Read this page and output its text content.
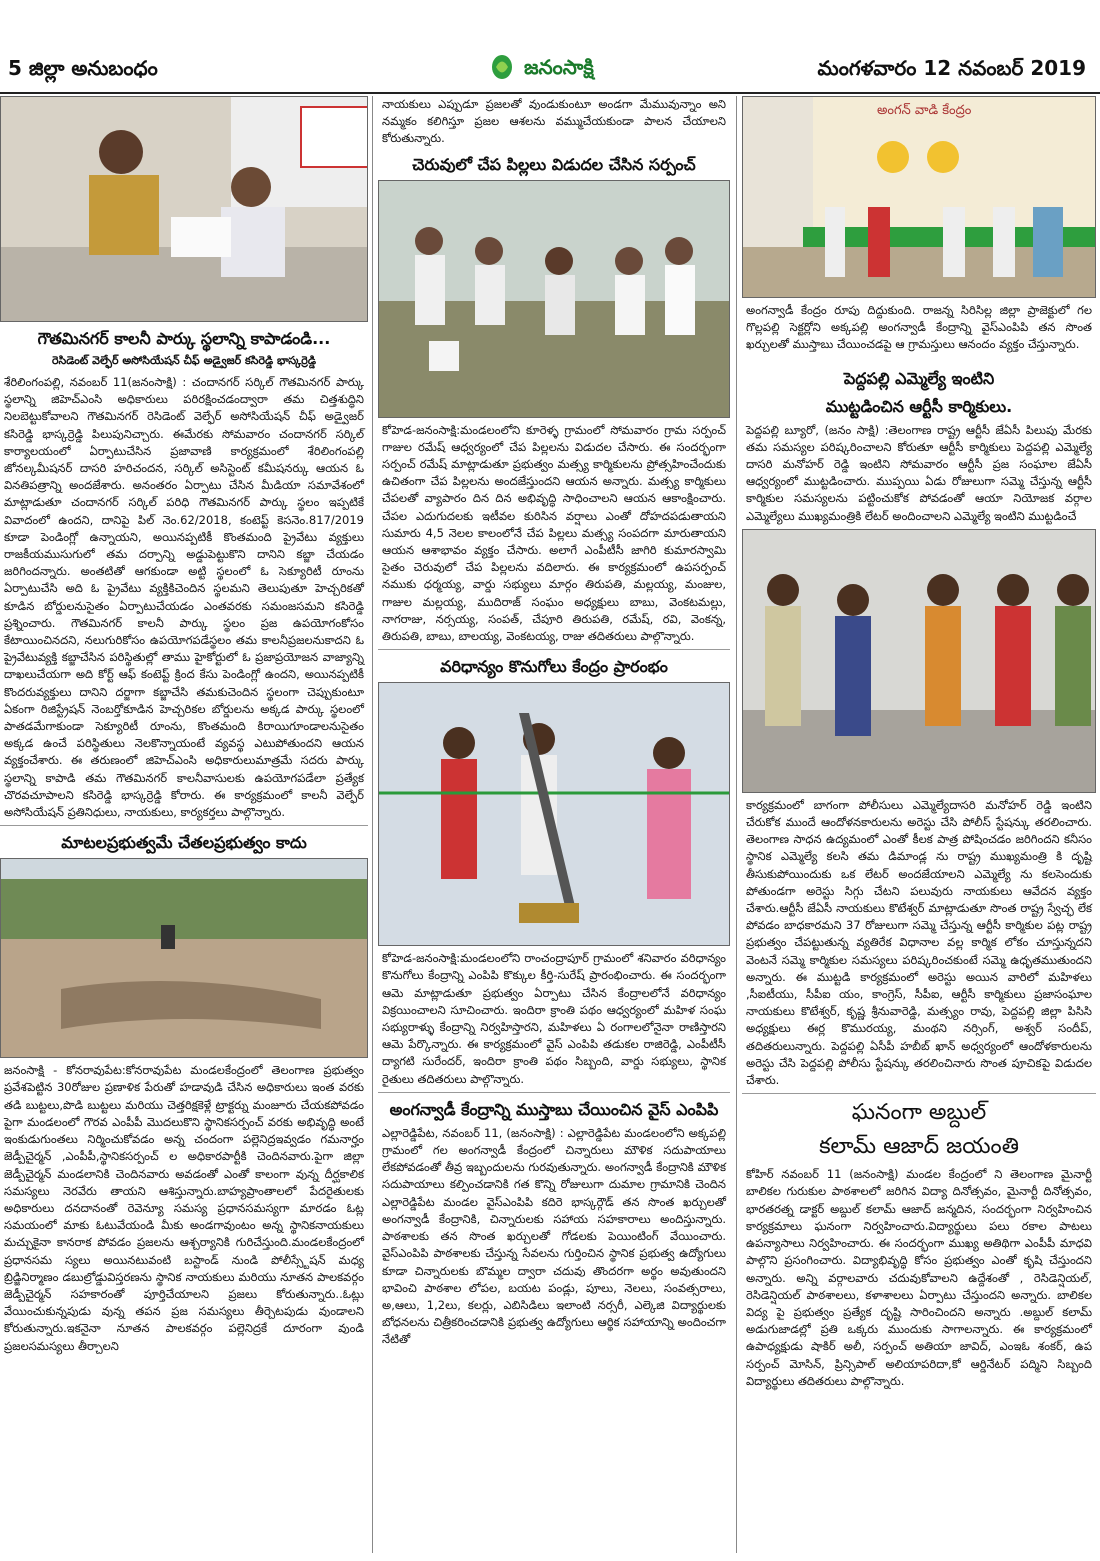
5 జిల్లా అనుబంధం	జనంసాక్షి	మంగళవారం 12 నవంబర్ 2019
గౌతమినగర్ కాలనీ పార్కు స్థలాన్ని కాపాడండి...
రెసిడెంట్ వెల్ఫేర్ అసోసియేషన్ చీఫ్ అడ్వైజర్ కసిరెడ్డి భాస్కర్రెడ్డి

శేరిలింగంపల్లి, నవంబర్ 11(జనంసాక్షి) : చందానగర్ సర్కిల్ గౌతమినగర్ పార్కు స్థలాన్ని జిహెచ్ఎంసి అధికారులు పరిరక్షించడంద్వారా తమ చిత్తశుద్ధిని నిలబెట్టుకోవాలని గౌతమినగర్ రెసిడెంట్ వెల్ఫేర్ అసోసియేషన్ చీఫ్ అడ్వైజర్ కసిరెడ్డి భాస్కర్రెడ్డి పిలుపునిచ్చారు. ఈమేరకు సోమవారం చందానగర్ సర్కిల్ కార్యాలయంలో ఏర్పాటుచేసిన ప్రజావాణి కార్యక్రమంలో శేరిలింగంపల్లి జోనల్కమీషనర్ దాసరి హరిచందన, సర్కిల్ అసిస్టెంట్ కమీషనర్కు ఆయన ఓ వినతిపత్రాన్ని అందజేశారు. అనంతరం ఏర్పాటు చేసిన మీడియా సమావేశంలో మాట్లాడుతూ చందానగర్ సర్కిల్ పరిధి గౌతమినగర్ పార్కు స్థలం ఇప్పటికే వివాదంలో ఉందని, దానిపై పిల్ నెం.62/2018, కంటెప్ట్ కెసనెం.817/2019 కూడా పెండింగ్లో ఉన్నాయని, అయినప్పటికీ కొంతమంది ప్రైవేటు వ్యక్తులు రాజకీయముసుగులో తమ దర్పాన్ని అడ్డుపెట్టుకొని దానిని కబ్జా చేయడం జరిగిందన్నారు. అంతటితో ఆగకుండా అట్టి స్థలంలో ఓ సెక్యూరిటీ రూంను ఏర్పాటుచేసి అది ఓ ప్రైవేటు వ్యక్తికిచెందిన స్థలమని తెలుపుతూ హెచ్చరికతో కూడిన బోర్డులనుసైతం ఏర్పాటుచేయడం ఎంతవరకు సమంజసమని కసిరెడ్డి ప్రశ్నించారు. గౌతమినగర్ కాలనీ పార్కు స్థలం ప్రజ ఉపయోగంకోసం కేటాయించినదని, నలుగురికోసం ఉపయోగపడేస్థలం తమ కాలనీప్రజలనుకాదని ఓ ప్రైవేటువ్యక్తి కబ్జాచేసిన పరిస్థితుల్లో తాము హైకోర్టులో ఓ ప్రజాప్రయోజన వాజ్యాన్ని దాఖలుచేయగా అది కోర్ట్ ఆఫ్ కంటెప్ట్ క్రింద కేసు పెండింగ్లో ఉందని, అయినప్పటికీ కొందరువ్యక్తులు దానిని దర్జాగా కబ్జాచేసి తమకుచెందిన స్థలంగా చెప్పుకుంటూ ఏకంగా రిజిస్ట్రేషన్ నెంబర్తోకూడిన హెచ్చరికల బోర్డులను అక్కడ పార్కు స్థలంలో పాతడమేగాకుండా సెక్యూరిటీ రూంను, కొంతమంది కిరాయిగూండాలనుసైతం అక్కడ ఉంచే పరిస్థితులు నెలకొన్నాయంటే వ్యవస్థ ఎటుపోతుందని ఆయన వ్యక్తంచేశారు. ఈ తరుణంలో జిహెచ్ఎంసి అధికారులుమాత్రమే సదరు పార్కు స్థలాన్ని కాపాడి తమ గౌతమినగర్ కాలనీవాసులకు ఉపయోగపడేలా ప్రత్యేక చొరవచూపాలని కసిరెడ్డి భాస్కర్రెడ్డి కోరారు. ఈ కార్యక్రమంలో కాలనీ వెల్ఫేర్ అసోసియేషన్ ప్రతినిధులు, నాయకులు, కార్యకర్తలు పాల్గొన్నారు.

మాటలప్రభుత్వమే చేతలప్రభుత్వం కాదు

జనంసాక్షి - కోనరావుపేట:కోనరావుపేట మండలకేంద్రంలో తెలంగాణ ప్రభుత్వం ప్రవేశపెట్టిన 30రోజుల ప్రణాళిక పేరుతో హడావుడి చేసిన అధికారులు ఇంత వరకు తడి బుట్టలు,పొడి బుట్టలు మరియు చెత్తరిక్షకెళ్లే ట్రాక్టర్ను మంజూరు చేయకపోవడం పైగా మండలంలో గౌరవ ఎంపీపీ మొదలుకొని స్థానికసర్పంచ్ వరకు అభివృద్ధి అంటే ఇంకుడుగుంతలు నిర్మించుకోవడం అన్న చందంగా పల్లెనిద్రఇవ్వడం గమనార్హం జెడ్పీచైర్మన్ ,ఎంపీపీ,స్థానికసర్పంచ్ ల అధికారపార్టీకి చెందినవారు.పైగా జిల్లా జెడ్పీచైర్మన్ మండలానికి చెందినవారు అవడంతో ఎంతో కాలంగా వున్న దీర్ఘకాలిక సమస్యలు నెరవేరు తాయని ఆశిస్తున్నారు.బాహ్యప్రాంతాలలో పేదరైతులకు అధికారులు దనదానంతో రెవెన్యూ సమస్య ప్రధానసమస్యగా మారడం ఓట్ల సమయంలో మాకు ఓటువేయండి మీకు అండగావుంటం అన్న స్థానికనాయకులు మచ్చుకైనా కానరాక పోవడం ప్రజలను ఆశ్చర్యానికి గురిచేస్తుంది.మండలకేంద్రంలో ప్రధానసమ స్యలు అయినటువంటి బస్టాండ్ నుండి పోలీస్స్టేషన్ మధ్య బ్రిడ్జినిర్మాణం డబుల్రోడ్డువిస్తరణను స్థానిక నాయకులు మరియు నూతన పాలకవర్గం జెడ్పీచైర్మన్ సహకారంతో పూర్తిచేయాలని ప్రజలు కోరుతున్నారు..ఓట్లు వేయించుకున్నపుడు వున్న తపన ప్రజ సమస్యలు తీర్చెటపుడు వుండాలని కోరుతున్నారు.ఇకనైనా నూతన పాలకవర్గం పల్లెనిద్రకే దూరంగా వుండి ప్రజలసమస్యలు తీర్చాలని

నాయకులు ఎప్పుడూ ప్రజలతో వుండుకుంటూ అండగా మేమువున్నాం అని నమ్మకం కలిగిస్తూ ప్రజల ఆశలను వమ్ముచేయకుండా పాలన చేయాలని కోరుతున్నారు.

చెరువులో చేప పిల్లలు విడుదల చేసిన సర్పంచ్

కోహెడ-జనంసాక్షి:మండలంలోని కూరెళ్ళ గ్రామంలో సోమవారం గ్రామ సర్పంచ్ గాజుల రమేష్ ఆధ్వర్యంలో చేప పిల్లలను విడుదల చేసారు. ఈ సందర్భంగా సర్పంచ్ రమేష్ మాట్లాడుతూ ప్రభుత్వం మత్స్య కార్మికులను ప్రోత్సహించేందుకు ఉచితంగా చేప పిల్లలను అందజేస్తుందని ఆయన అన్నారు. మత్స్య కార్మికులు చేపలతో వ్యాపారం దిన దిన అభివృద్ధి సాధించాలని ఆయన ఆకాంక్షించారు. చేపల ఎదుగుదలకు ఇటీవల కురిసిన వర్షాలు ఎంతో దోహదపడుతాయని సుమారు 4,5 నెలల కాలంలోనే చేప పిల్లలు మత్స్య సంపదగా మారుతాయని ఆయన ఆశాభావం వ్యక్తం చేసారు. అలాగే ఎంపీటీసీ జాగిరి కుమారస్వామి సైతం చెరువులో చేప పిల్లలను వదిలారు. ఈ కార్యక్రమంలో ఉపసర్పంచ్ నముకు ధర్మయ్య, వార్డు సభ్యులు మార్గం తిరుపతి, మల్లయ్య, మంజుల, గాజుల మల్లయ్య, ముదిరాజ్ సంఘం అధ్యక్షులు బాబు, వెంకటమల్లు, నాగరాజు, నర్సయ్య, సంపత్, చేపూరి తిరుపతి, రమేష్, రవి, వెంకన్న, తిరుపతి, బాబు, బాలయ్య, వెంకటయ్య, రాజు తదితరులు పాల్గొన్నారు.

వరిధాన్యం కొనుగోలు కేంద్రం ప్రారంభం

కోహెడ-జనంసాక్షి:మండలంలోని రాంచంద్రాపూర్ గ్రామంలో శనివారం వరిధాన్యం కొనుగోలు కేంద్రాన్ని ఎంపిపి కొక్కుల కీర్తి-సురేష్ ప్రారంభించారు. ఈ సందర్భంగా ఆమె మాట్లాడుతూ ప్రభుత్వం ఏర్పాటు చేసిన కేంద్రాలలోనే వరిధాన్యం విక్రయించాలని సూచించారు. ఇందిరా క్రాంతి పథం ఆధ్వర్యంలో మహిళ సంఘ సభ్యురాళ్ళు కేంద్రాన్ని నిర్వహిస్తారని, మహిళలు ఏ రంగాలలోనైనా రాణిస్తారని ఆమె పేర్కొన్నారు. ఈ కార్యక్రమంలో వైస్ ఎంపిపి తడుకల రాజిరెడ్డి, ఎంపీటీసీ ద్యాగటి సురేందర్, ఇందిరా క్రాంతి పథం సిబ్బంది, వార్డు సభ్యులు, స్థానిక రైతులు తదితరులు పాల్గొన్నారు.

అంగన్వాడీ కేంద్రాన్ని ముస్తాబు చేయించిన వైస్ ఎంపిపి

ఎల్లారెడ్డిపేట, నవంబర్ 11, (జనంసాక్షి) : ఎల్లారెడ్డిపేట మండలంలోని అక్కపల్లి గ్రామంలో గల అంగన్వాడీ కేంద్రంలో చిన్నారులు మౌళిక సదుపాయాలు లేకపోవడంతో తీవ్ర ఇబ్బందులను గురవుతున్నారు. అంగన్వాడీ కేంద్రానికి మౌళిక సదుపాయాలు కల్పించడానికి గత కొన్ని రోజులుగా దుమాల గ్రామానికి చెందిన ఎల్లారెడ్డిపేట మండల వైస్ఎంపిపి కదిరె భాస్కర్గౌడ్ తన సొంత ఖర్చులతో అంగన్వాడీ కేంద్రానికి, చిన్నారులకు సహాయ సహకారాలు అందిస్తున్నారు. పాఠశాలకు తన సొంత ఖర్చులతో గోడలకు పెయింటింగ్ వేయించారు. వైస్ఎంపిపి పాఠశాలకు చేస్తున్న సేవలను గుర్తించిన స్థానిక ప్రభుత్వ ఉద్యోగులు కూడా చిన్నారులకు బొమ్మల ద్వారా చదువు తొందరగా అర్థం అవుతుందని భావించి పాఠశాల లోపల, బయట పండ్లు, పూలు, నెలలు, సంవత్సరాలు, అ,ఆలు, 1,2లు, కలర్లు, ఎబిసిడిలు ఇలాంటి నర్సరీ, ఎల్కెజి విద్యార్థులకు బోధనలను చిత్రీకరించడానికి ప్రభుత్వ ఉద్యోగులు ఆర్థిక సహాయాన్ని అందించగా నేటితో

అంగన్ వాడి కేంద్రం

అంగన్వాడీ కేంద్రం రూపు దిద్దుకుంది. రాజన్న సిరిసిల్ల జిల్లా ప్రాజెక్టులో గల గొల్లపల్లి సెక్టర్లోని అక్కపల్లి అంగన్వాడీ కేంద్రాన్ని వైస్ఎంపిపి తన సొంత ఖర్చులతో ముస్తాబు చేయించడపై ఆ గ్రామస్తులు ఆనందం వ్యక్తం చేస్తున్నారు.

పెద్దపల్లి ఎమ్మెల్యే ఇంటిని
ముట్టడించిన ఆర్టీసీ కార్మికులు.

పెద్దపల్లి బ్యూరో, (జనం సాక్షి) :తెలంగాణ రాష్ట్ర ఆర్టీసీ జేఏసీ పిలుపు మేరకు తమ సమస్యల పరిష్కరించాలని కోరుతూ ఆర్టీసీ కార్మికులు పెద్దపల్లి ఎమ్మెల్యే దాసరి మనోహర్ రెడ్డి ఇంటిని సోమవారం ఆర్టీసీ ప్రజ సంఘాల జేఏసీ ఆధ్వర్యంలో ముట్టడించారు. ముప్పయి ఏడు రోజులుగా సమ్మె చేస్తున్న ఆర్టీసీ కార్మికుల సమస్యలను పట్టించుకోక పోవడంతో ఆయా నియోజక వర్గాల ఎమ్మెల్యేలు ముఖ్యమంత్రికి లేటర్ అందించాలని ఎమ్మెల్యే ఇంటిని ముట్టడించే

కార్యక్రమంలో బాగంగా పోలీసులు ఎమ్మెల్యేదాసరి మనోహర్ రెడ్డి ఇంటిని చేరుకోక ముందే ఆందోళనకారులను అరెస్టు చేసి పోలీస్ స్టేషన్కు తరలించారు. తెలంగాణ సాధన ఉద్యమంలో ఎంతో కీలక పాత్ర పోషించడం జరిగిందని కనీసం స్థానిక ఎమ్మెల్యే కలసి తమ డిమాండ్ల ను రాష్ట్ర ముఖ్యమంత్రి కి దృష్టి తీసుకుపోయిందుకు ఒక లేటర్ అందజేయాలని ఎమ్మెల్యే ను కలసెందుకు పోతుండగా అరెస్టు సిగ్గు చేటని పలువురు నాయకులు ఆవేదన వ్యక్తం చేశారు.ఆర్టీసీ జేఏసీ నాయకులు కొటేశ్వర్ మాట్లాడుతూ సొంత రాష్ట్ర స్వేచ్ఛ లేక పోవడం బాధకారమని 37 రోజులుగా సమ్మె చేస్తున్న ఆర్టీసీ కార్మికుల పట్ల రాష్ట్ర ప్రభుత్వం చేపట్టుతున్న వ్యతిరేక విధానాల వల్ల కార్మిక లోకం చూస్తున్నదని వెంటనే సమ్మె కార్మికుల సమస్యలు పరిష్కరించకుంటే సమ్మె ఉధృతముతుందని అన్నారు. ఈ ముట్టడి కార్యక్రమంలో అరెస్టు అయిన వారిలో మహిళలు ,సీఐటీయు, సీపీఐ యం, కాంగ్రెస్, సీపీఐ, ఆర్టీసీ కార్మికులు ప్రజాసంఘాల నాయకులు కొటేశ్వర్, కృష్ణ శ్రీనువారెడ్డి, మత్స్యం రావు, పెద్దపల్లి జిల్లా పిసిసి అధ్యక్షులు ఈర్ల కొమురయ్య, మంథని నర్సింగ్, అశ్వర్ సందీప్, తదితరులున్నారు. పెద్దపల్లి ఏసీపీ హబీబ్ ఖాన్ అధ్వర్యంలో ఆందోళకారులను అరెస్టు చేసి పెద్దపల్లి పోలీసు స్టేషన్కు తరలించినారు సొంత పూచికపై విడుదల చేశారు.

ఘనంగా అబ్దుల్
కలామ్ ఆజాద్ జయంతి

కోహిర్ నవంబర్ 11 (జనంసాక్షి) మండల కేంద్రంలో ని తెలంగాణ మైనార్టీ బాలికల గురుకుల పాఠశాలలో జరిగిన విద్యా దినోత్సవం, మైనార్టీ దినోత్సవం, భారతరత్న డాక్టర్ అబ్దుల్ కలామ్ ఆజాద్ జన్మదిన, సందర్భంగా నిర్వహించిన కార్యక్రమాలు ఘనంగా నిర్వహించారు.విద్యార్థులు పలు రకాల పాటలు ఉపన్యాసాలు నిర్వహించారు. ఈ సందర్భంగా ముఖ్య అతిథిగా ఎంపీపీ మాధవి పాల్గొని ప్రసంగించారు. విద్యాభివృద్ధి కోసం ప్రభుత్వం ఎంతో కృషి చేస్తుందని అన్నారు. అన్ని వర్గాలవారు చదువుకోవాలని ఉద్దేశంతో , రెసిడెన్షియల్, రెసిడెన్షియల్ పాఠశాలలు, కళాశాలలు ఏర్పాటు చేస్తుందని అన్నారు. బాలికల విద్య పై ప్రభుత్వం ప్రత్యేక దృష్టి సారించిందని అన్నారు .అబ్దుల్ కలామ్ అడుగుజాడల్లో ప్రతి ఒక్కరు ముందుకు సాగాలన్నారు. ఈ కార్యక్రమంలో ఉపాధ్యక్షుడు షాకిర్ అలీ, సర్పంచ్ అతియా జావిద్, ఎంఇఓ శంకర్, ఉప సర్పంచ్ మోసిన్, ప్రిన్సిపాల్ అలియాపరిదా,కో ఆర్డినేటర్ పద్మిని సిబ్బంది విద్యార్థులు తదితరులు పాల్గొన్నారు.
